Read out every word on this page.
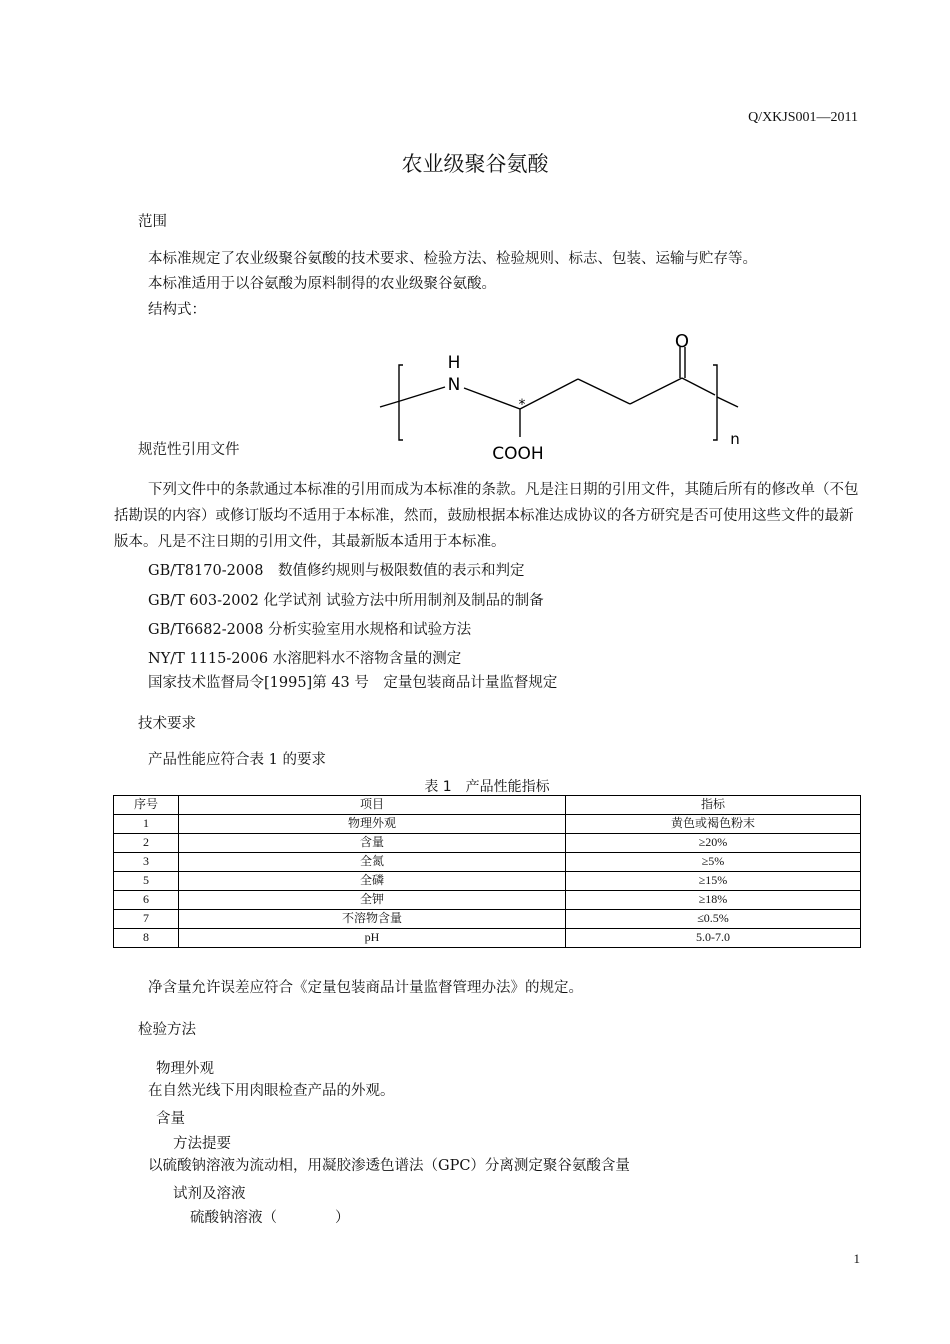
Q/XKJS001—2011
农业级聚谷氨酸
范围
本标准规定了农业级聚谷氨酸的技术要求、检验方法、检验规则、标志、包装、运输与贮存等。
本标准适用于以谷氨酸为原料制得的农业级聚谷氨酸。
结构式：
O
H
N
*
COOH
n
规范性引用文件
下列文件中的条款通过本标准的引用而成为本标准的条款。凡是注日期的引用文件，其随后所有的修改单（不包括勘误的内容）或修订版均不适用于本标准，然而，鼓励根据本标准达成协议的各方研究是否可使用这些文件的最新版本。凡是不注日期的引用文件，其最新版本适用于本标准。
GB/T8170-2008　数值修约规则与极限数值的表示和判定
GB/T 603-2002 化学试剂 试验方法中所用制剂及制品的制备
GB/T6682-2008 分析实验室用水规格和试验方法
NY/T 1115-2006 水溶肥料水不溶物含量的测定
国家技术监督局令[1995]第 43 号　定量包装商品计量监督规定
技术要求
产品性能应符合表 1 的要求
表 1　产品性能指标
序号	项目	指标
1	物理外观	黄色或褐色粉末
2	含量	≥20%
3	全氮	≥5%
5	全磷	≥15%
6	全钾	≥18%
7	不溶物含量	≤0.5%
8	pH	5.0-7.0
净含量允许误差应符合《定量包装商品计量监督管理办法》的规定。
检验方法
物理外观
在自然光线下用肉眼检查产品的外观。
含量
方法提要
以硫酸钠溶液为流动相，用凝胶渗透色谱法（GPC）分离测定聚谷氨酸含量
试剂及溶液
硫酸钠溶液（　　　　）
1
